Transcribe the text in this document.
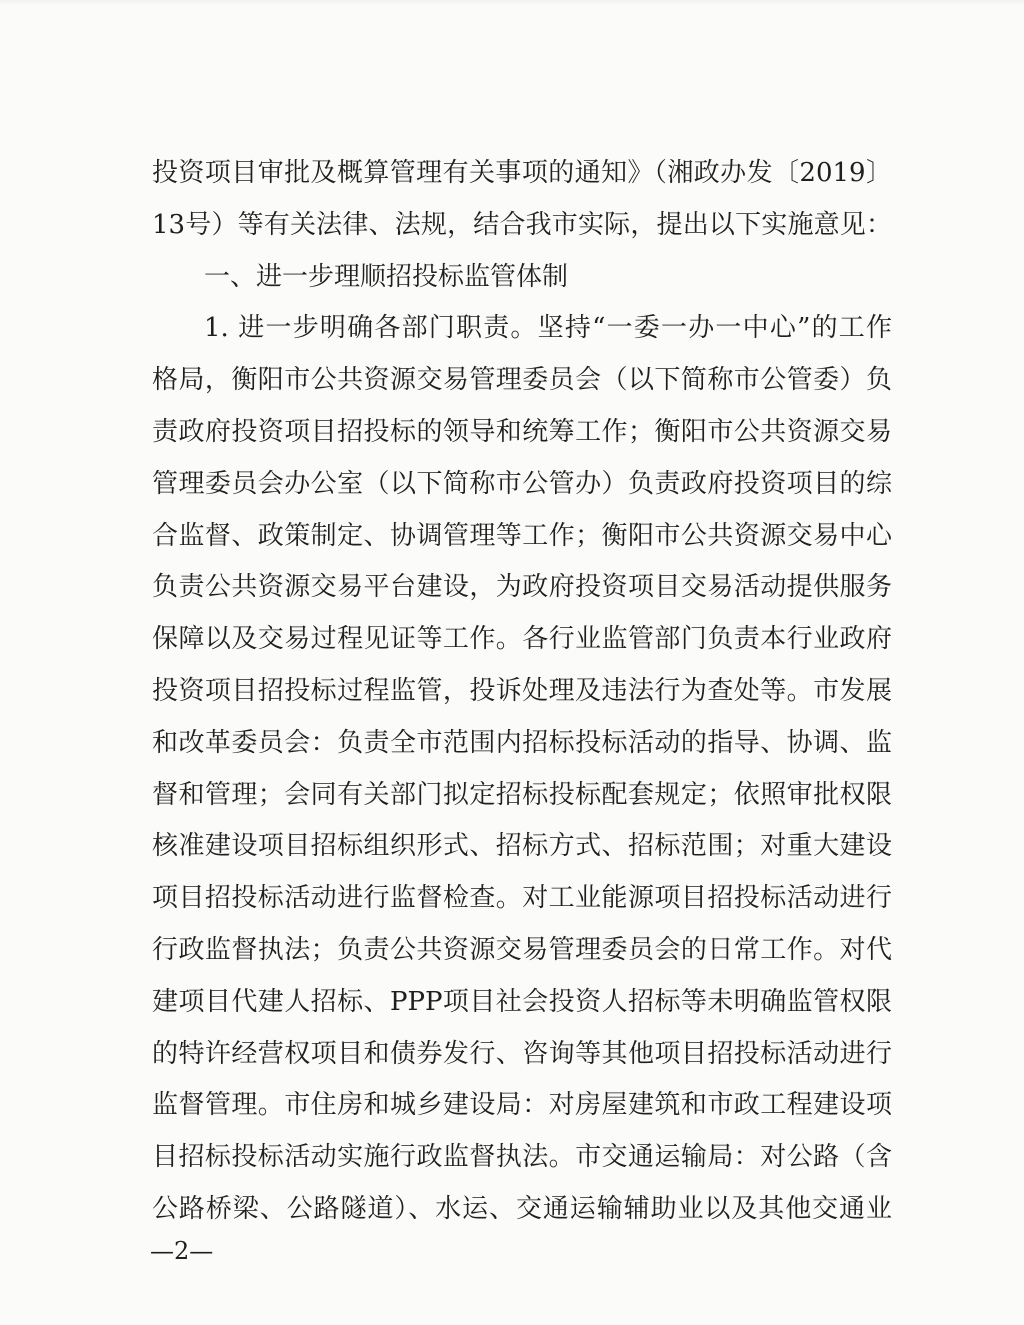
投资项目审批及概算管理有关事项的通知》（湘政办发〔2019〕
13号）等有关法律、法规，结合我市实际，提出以下实施意见：
一、进一步理顺招投标监管体制
1. 进一步明确各部门职责。坚持“一委一办一中心”的工作
格局，衡阳市公共资源交易管理委员会（以下简称市公管委）负
责政府投资项目招投标的领导和统筹工作；衡阳市公共资源交易
管理委员会办公室（以下简称市公管办）负责政府投资项目的综
合监督、政策制定、协调管理等工作；衡阳市公共资源交易中心
负责公共资源交易平台建设，为政府投资项目交易活动提供服务
保障以及交易过程见证等工作。各行业监管部门负责本行业政府
投资项目招投标过程监管，投诉处理及违法行为查处等。市发展
和改革委员会：负责全市范围内招标投标活动的指导、协调、监
督和管理；会同有关部门拟定招标投标配套规定；依照审批权限
核准建设项目招标组织形式、招标方式、招标范围；对重大建设
项目招投标活动进行监督检查。对工业能源项目招投标活动进行
行政监督执法；负责公共资源交易管理委员会的日常工作。对代
建项目代建人招标、PPP项目社会投资人招标等未明确监管权限
的特许经营权项目和债券发行、咨询等其他项目招投标活动进行
监督管理。市住房和城乡建设局：对房屋建筑和市政工程建设项
目招标投标活动实施行政监督执法。市交通运输局：对公路（含
公路桥梁、公路隧道）、水运、交通运输辅助业以及其他交通业
—2—
